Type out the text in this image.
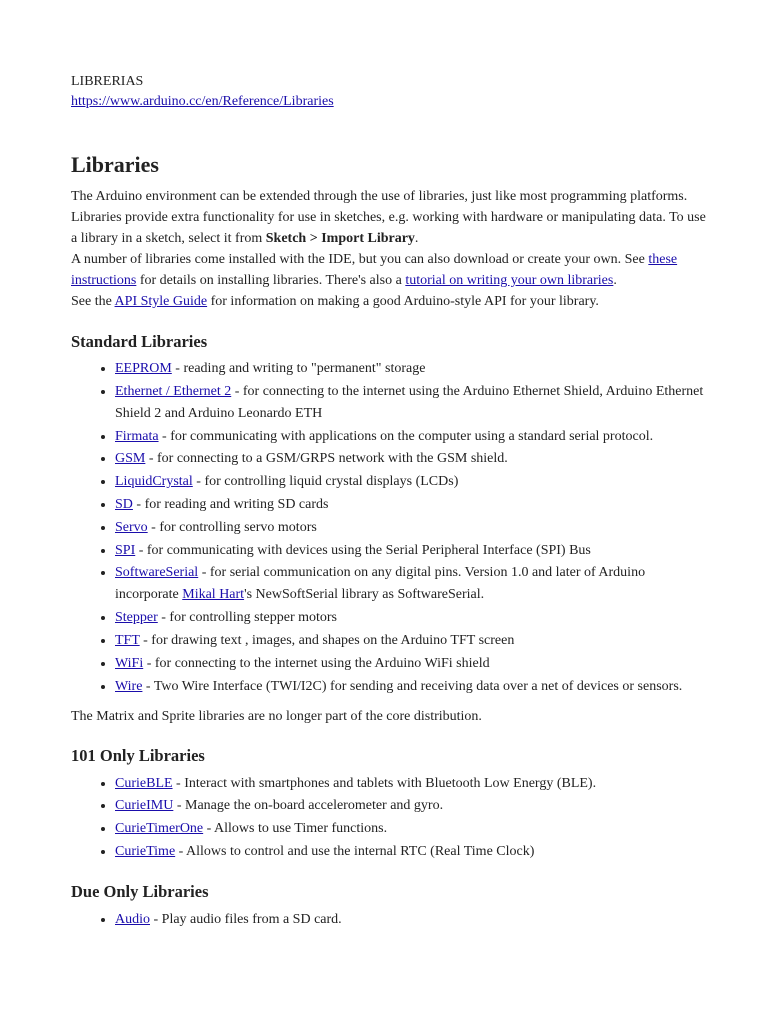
LIBRERIAS
https://www.arduino.cc/en/Reference/Libraries
Libraries

The Arduino environment can be extended through the use of libraries, just like most programming platforms. Libraries provide extra functionality for use in sketches, e.g. working with hardware or manipulating data. To use a library in a sketch, select it from Sketch > Import Library.

A number of libraries come installed with the IDE, but you can also download or create your own. See these instructions for details on installing libraries. There's also a tutorial on writing your own libraries.
See the API Style Guide for information on making a good Arduino-style API for your library.

Standard Libraries
• EEPROM - reading and writing to "permanent" storage
• Ethernet / Ethernet 2 - for connecting to the internet using the Arduino Ethernet Shield, Arduino Ethernet Shield 2 and Arduino Leonardo ETH
• Firmata - for communicating with applications on the computer using a standard serial protocol.
• GSM - for connecting to a GSM/GRPS network with the GSM shield.
• LiquidCrystal - for controlling liquid crystal displays (LCDs)
• SD - for reading and writing SD cards
• Servo - for controlling servo motors
• SPI - for communicating with devices using the Serial Peripheral Interface (SPI) Bus
• SoftwareSerial - for serial communication on any digital pins. Version 1.0 and later of Arduino incorporate Mikal Hart's NewSoftSerial library as SoftwareSerial.
• Stepper - for controlling stepper motors
• TFT - for drawing text , images, and shapes on the Arduino TFT screen
• WiFi - for connecting to the internet using the Arduino WiFi shield
• Wire - Two Wire Interface (TWI/I2C) for sending and receiving data over a net of devices or sensors.

The Matrix and Sprite libraries are no longer part of the core distribution.

101 Only Libraries
• CurieBLE - Interact with smartphones and tablets with Bluetooth Low Energy (BLE).
• CurieIMU - Manage the on-board accelerometer and gyro.
• CurieTimerOne - Allows to use Timer functions.
• CurieTime - Allows to control and use the internal RTC (Real Time Clock)
Due Only Libraries
• Audio - Play audio files from a SD card.
